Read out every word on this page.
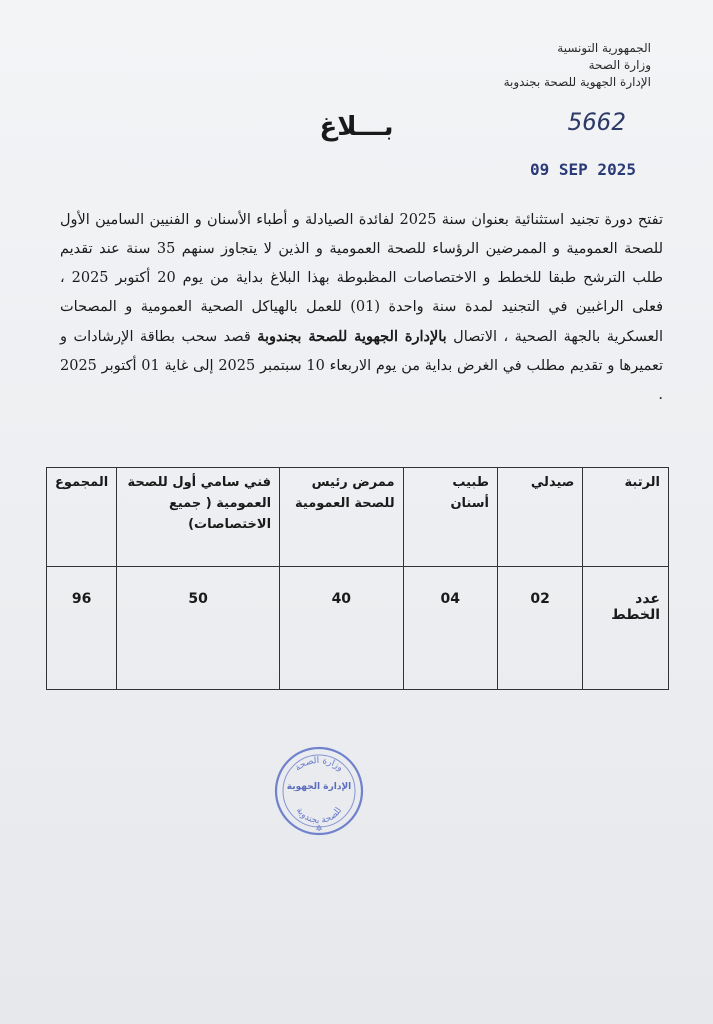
الجمهورية التونسية
وزارة الصحة
الإدارة الجهوية للصحة بجندوبة
5662
09 SEP 2025
بـــلاغ
تفتح دورة تجنيد استثنائية بعنوان سنة 2025 لفائدة الصيادلة و أطباء الأسنان و الفنيين السامين الأول للصحة العمومية و الممرضين الرؤساء للصحة العمومية و الذين لا يتجاوز سنهم 35 سنة عند تقديم طلب الترشح طبقا للخطط و الاختصاصات المظبوطة بهذا البلاغ بداية من يوم 20 أكتوبر 2025 ، فعلى الراغبين في التجنيد لمدة سنة واحدة (01) للعمل بالهياكل الصحية العمومية و المصحات العسكرية بالجهة الصحية ، الاتصال بالإدارة الجهوية للصحة بجندوبة قصد سحب بطاقة الإرشادات و تعميرها و تقديم مطلب في الغرض بداية من يوم الاربعاء 10 سبتمبر 2025 إلى غاية 01 أكتوبر 2025 .
الرتبة	صيدلي	طبيب أسنان	ممرض رئيس للصحة العمومية	فني سامي أول للصحة العمومية ( جميع الاختصاصات)	المجموع
عدد الخطط	02	04	40	50	96
وزارة الصحة
الإدارة الجهوية
للصحة بجندوبة
✲
